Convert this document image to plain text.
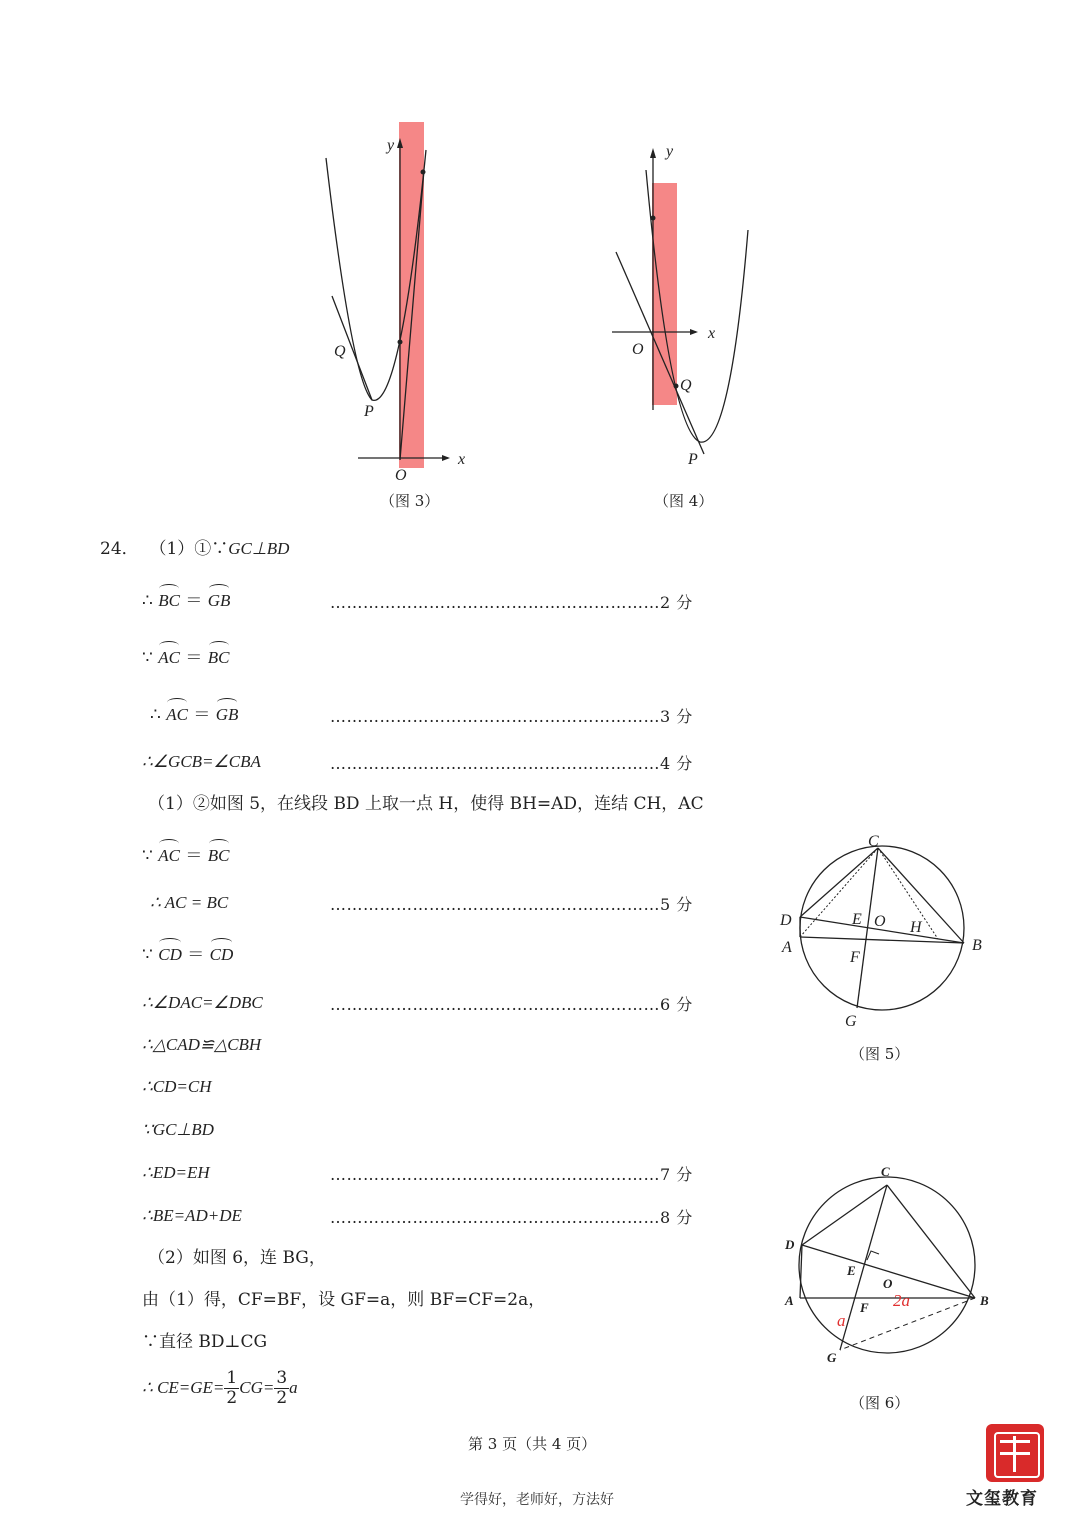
y
x
O
Q
P
（图 3）
y
x
O
Q
P
（图 4）
24． （1）①∵GC⊥BD
∴ BC ＝ GB	……………………………………………………2 分
∵ AC ＝ BC
∴ AC ＝ GB	……………………………………………………3 分
∴∠GCB=∠CBA	……………………………………………………4 分
（1）②如图 5，在线段 BD 上取一点 H，使得 BH=AD，连结 CH，AC
∵ AC ＝ BC
∴ AC = BC	……………………………………………………5 分
∵ CD ＝ CD
∴∠DAC=∠DBC	……………………………………………………6 分
∴△CAD≌△CBH
∴CD=CH
∵GC⊥BD
∴ED=EH	……………………………………………………7 分
∴BE=AD+DE	……………………………………………………8 分
（2）如图 6，连 BG，
由（1）得，CF=BF，设 GF=a，则 BF=CF=2a，
∵直径 BD⊥CG
∴ $CE=GE= \frac{1}{2} CG= \frac{3}{2}$ a
C
D
A	B
E O H
F
G
（图 5）
C
D
A	B
E
O
F
G
a
2a
（图 6）
第 3 页（共 4 页）
学得好，老师好，方法好	文玺教育
